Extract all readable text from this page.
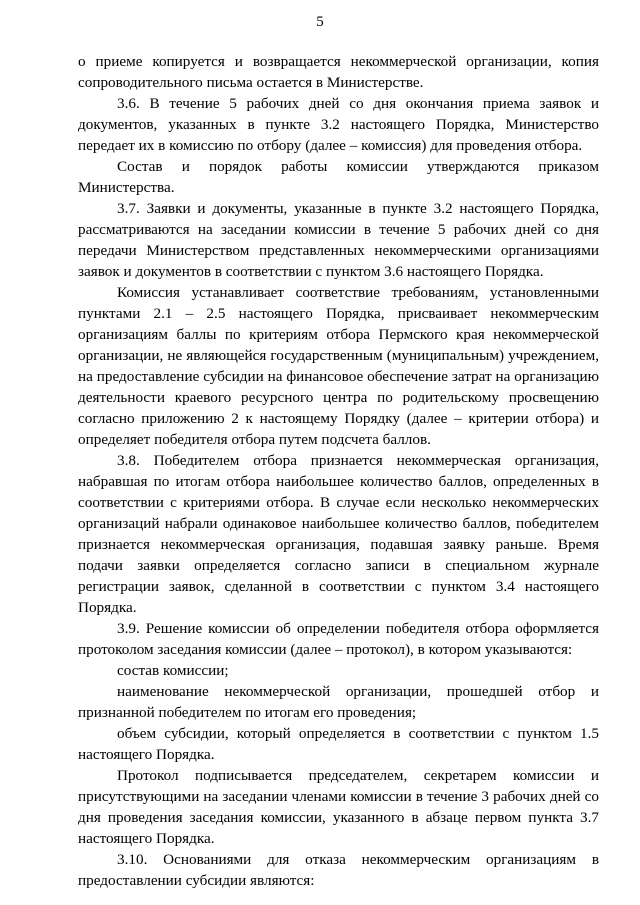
5

о приеме копируется и возвращается некоммерческой организации, копия сопроводительного письма остается в Министерстве.

3.6. В течение 5 рабочих дней со дня окончания приема заявок и документов, указанных в пункте 3.2 настоящего Порядка, Министерство передает их в комиссию по отбору (далее – комиссия) для проведения отбора.

Состав и порядок работы комиссии утверждаются приказом Министерства.

3.7. Заявки и документы, указанные в пункте 3.2 настоящего Порядка, рассматриваются на заседании комиссии в течение 5 рабочих дней со дня передачи Министерством представленных некоммерческими организациями заявок и документов в соответствии с пунктом 3.6 настоящего Порядка.

Комиссия устанавливает соответствие требованиям, установленными пунктами 2.1 – 2.5 настоящего Порядка, присваивает некоммерческим организациям баллы по критериям отбора Пермского края некоммерческой организации, не являющейся государственным (муниципальным) учреждением, на предоставление субсидии на финансовое обеспечение затрат на организацию деятельности краевого ресурсного центра по родительскому просвещению согласно приложению 2 к настоящему Порядку (далее – критерии отбора) и определяет победителя отбора путем подсчета баллов.

3.8. Победителем отбора признается некоммерческая организация, набравшая по итогам отбора наибольшее количество баллов, определенных в соответствии с критериями отбора. В случае если несколько некоммерческих организаций набрали одинаковое наибольшее количество баллов, победителем признается некоммерческая организация, подавшая заявку раньше. Время подачи заявки определяется согласно записи в специальном журнале регистрации заявок, сделанной в соответствии с пунктом 3.4 настоящего Порядка.

3.9. Решение комиссии об определении победителя отбора оформляется протоколом заседания комиссии (далее – протокол), в котором указываются:

состав комиссии;

наименование некоммерческой организации, прошедшей отбор и признанной победителем по итогам его проведения;

объем субсидии, который определяется в соответствии с пунктом 1.5 настоящего Порядка.

Протокол подписывается председателем, секретарем комиссии и присутствующими на заседании членами комиссии в течение 3 рабочих дней со дня проведения заседания комиссии, указанного в абзаце первом пункта 3.7 настоящего Порядка.

3.10. Основаниями для отказа некоммерческим организациям в предоставлении субсидии являются:
